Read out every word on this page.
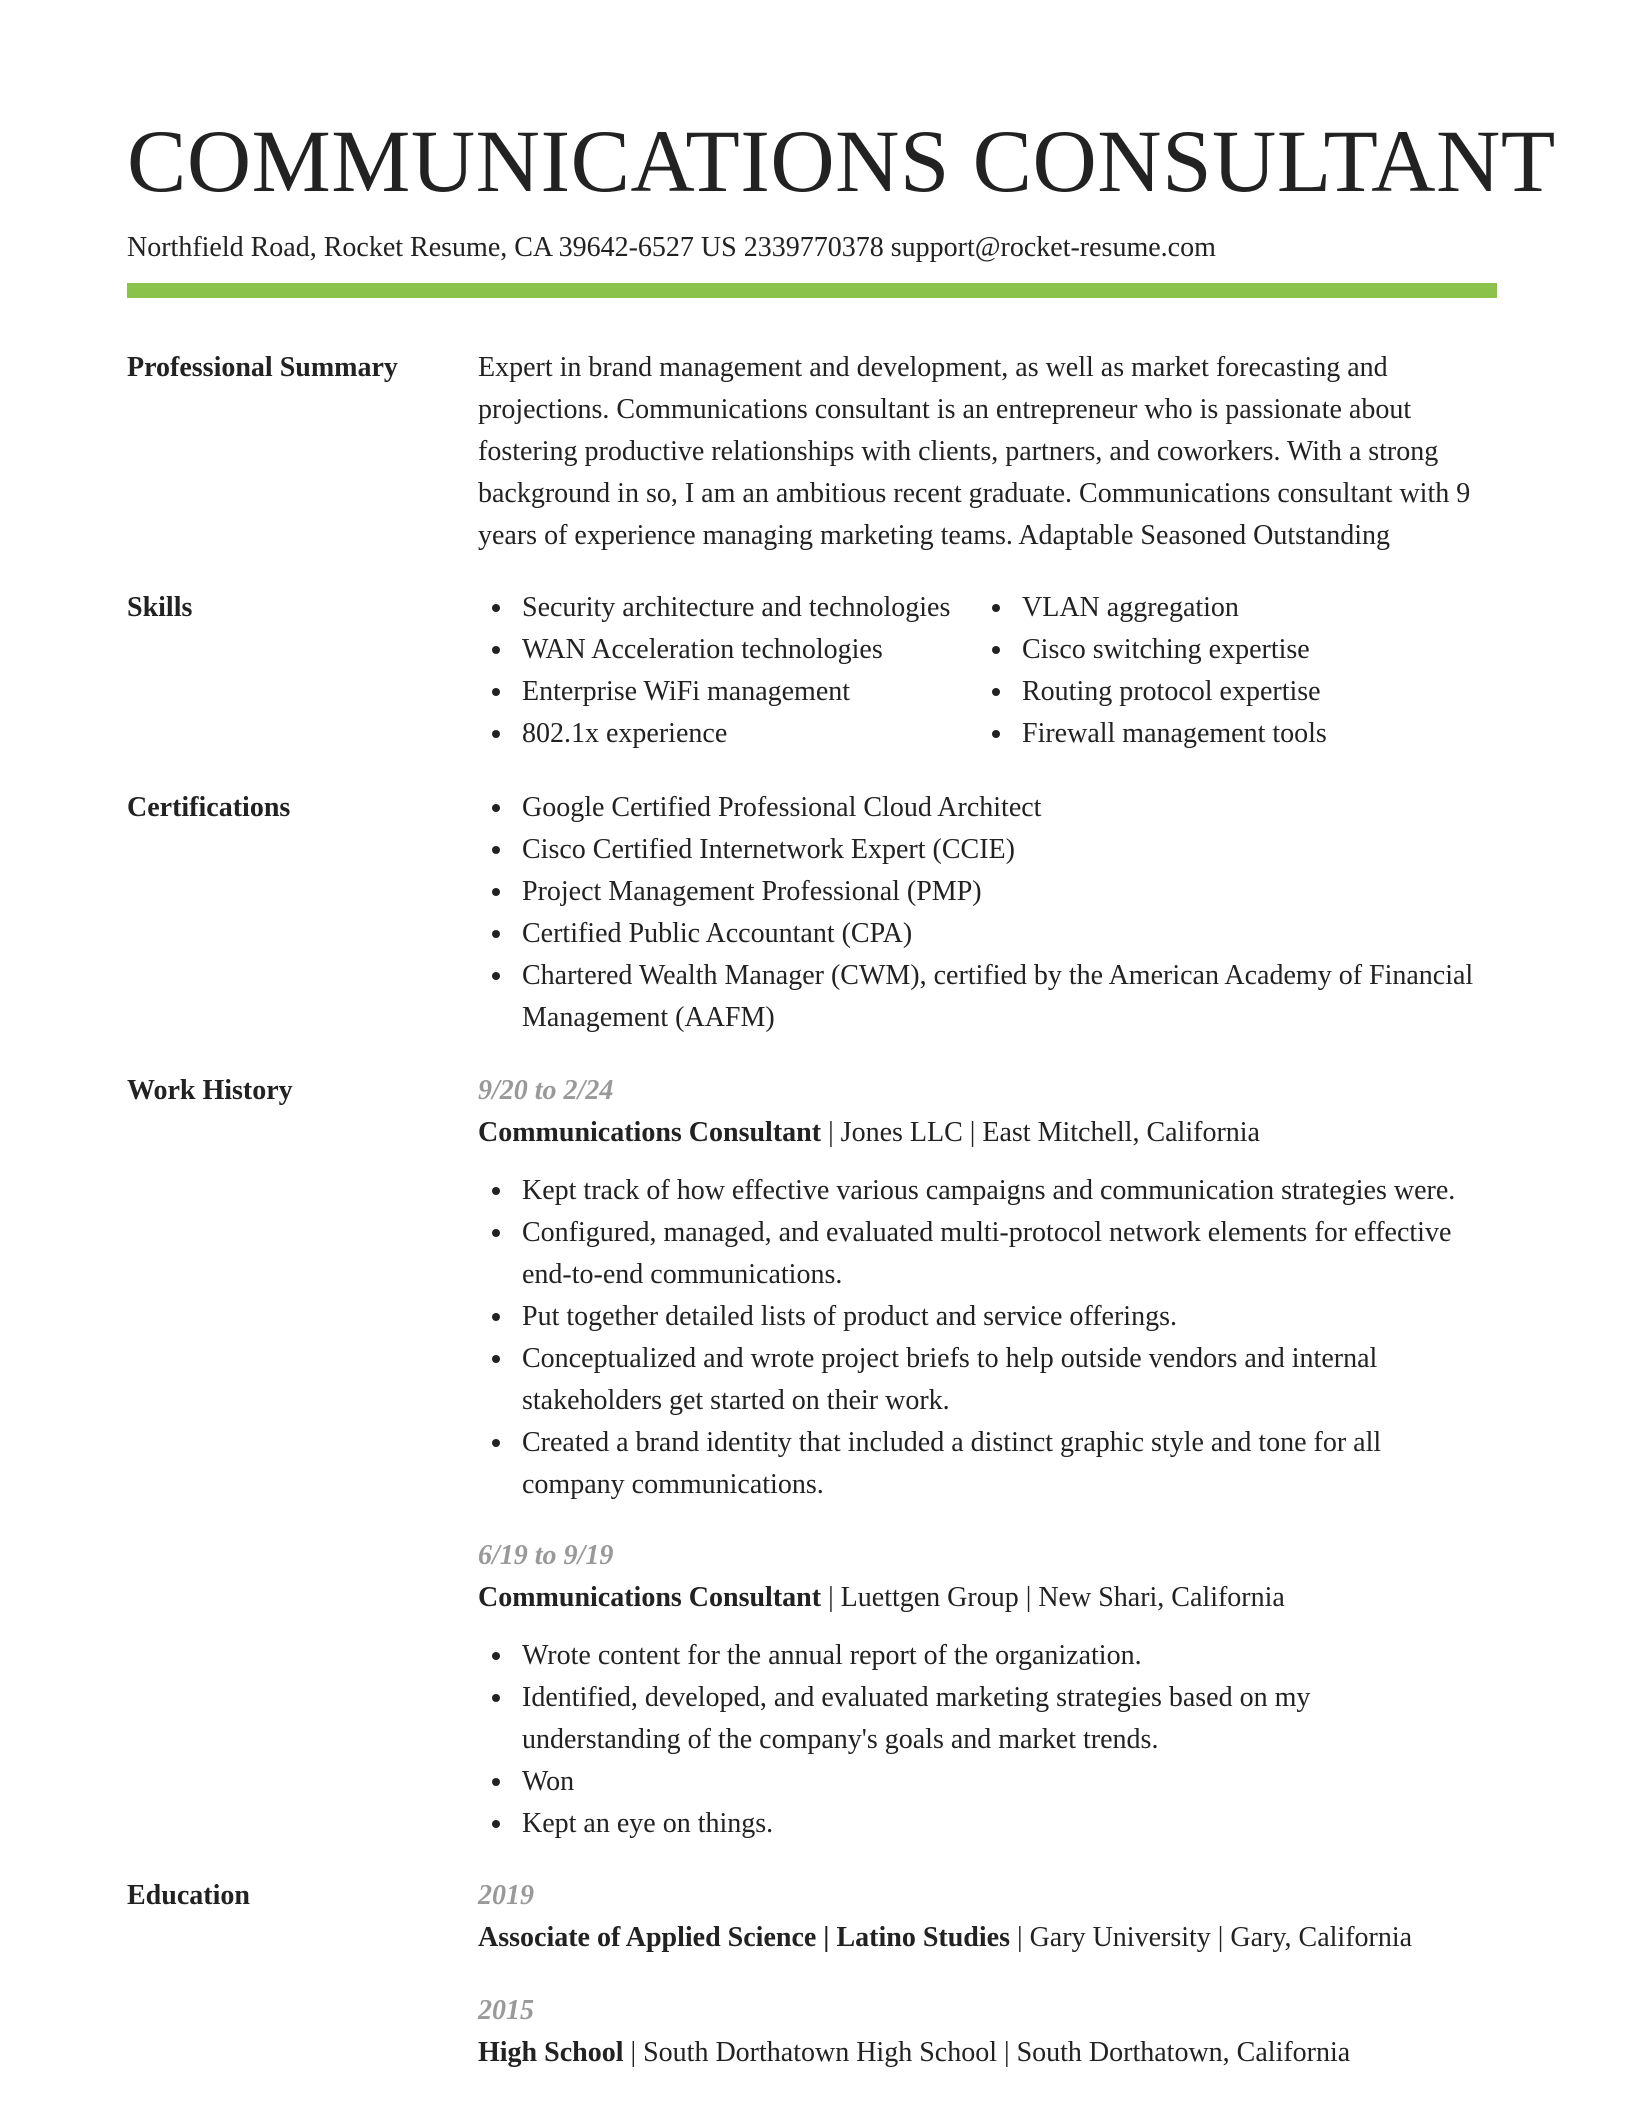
COMMUNICATIONS CONSULTANT
Northfield Road, Rocket Resume, CA 39642-6527 US 2339770378 support@rocket-resume.com
Professional Summary	Expert in brand management and development, as well as market forecasting and

projections. Communications consultant is an entrepreneur who is passionate about

fostering productive relationships with clients, partners, and coworkers. With a strong

background in so, I am an ambitious recent graduate. Communications consultant with 9

years of experience managing marketing teams. Adaptable Seasoned Outstanding

Skills	Security architecture and technologies
WAN Acceleration technologies
Enterprise WiFi management
802.1x experience
VLAN aggregation
Cisco switching expertise
Routing protocol expertise
Firewall management tools
Certifications	Google Certified Professional Cloud Architect
Cisco Certified Internetwork Expert (CCIE)
Project Management Professional (PMP)
Certified Public Accountant (CPA)
Chartered Wealth Manager (CWM), certified by the American Academy of Financial
Management (AAFM)
Work History	9/20 to 2/24

Communications Consultant | Jones LLC | East Mitchell, California

Kept track of how effective various campaigns and communication strategies were.
Configured, managed, and evaluated multi-protocol network elements for effective
end-to-end communications.
Put together detailed lists of product and service offerings.
Conceptualized and wrote project briefs to help outside vendors and internal
stakeholders get started on their work.
Created a brand identity that included a distinct graphic style and tone for all
company communications.

6/19 to 9/19

Communications Consultant | Luettgen Group | New Shari, California

Wrote content for the annual report of the organization.
Identified, developed, and evaluated marketing strategies based on my
understanding of the company's goals and market trends.
Won
Kept an eye on things.
Education	2019

Associate of Applied Science | Latino Studies | Gary University | Gary, California

2015

High School | South Dorthatown High School | South Dorthatown, California
